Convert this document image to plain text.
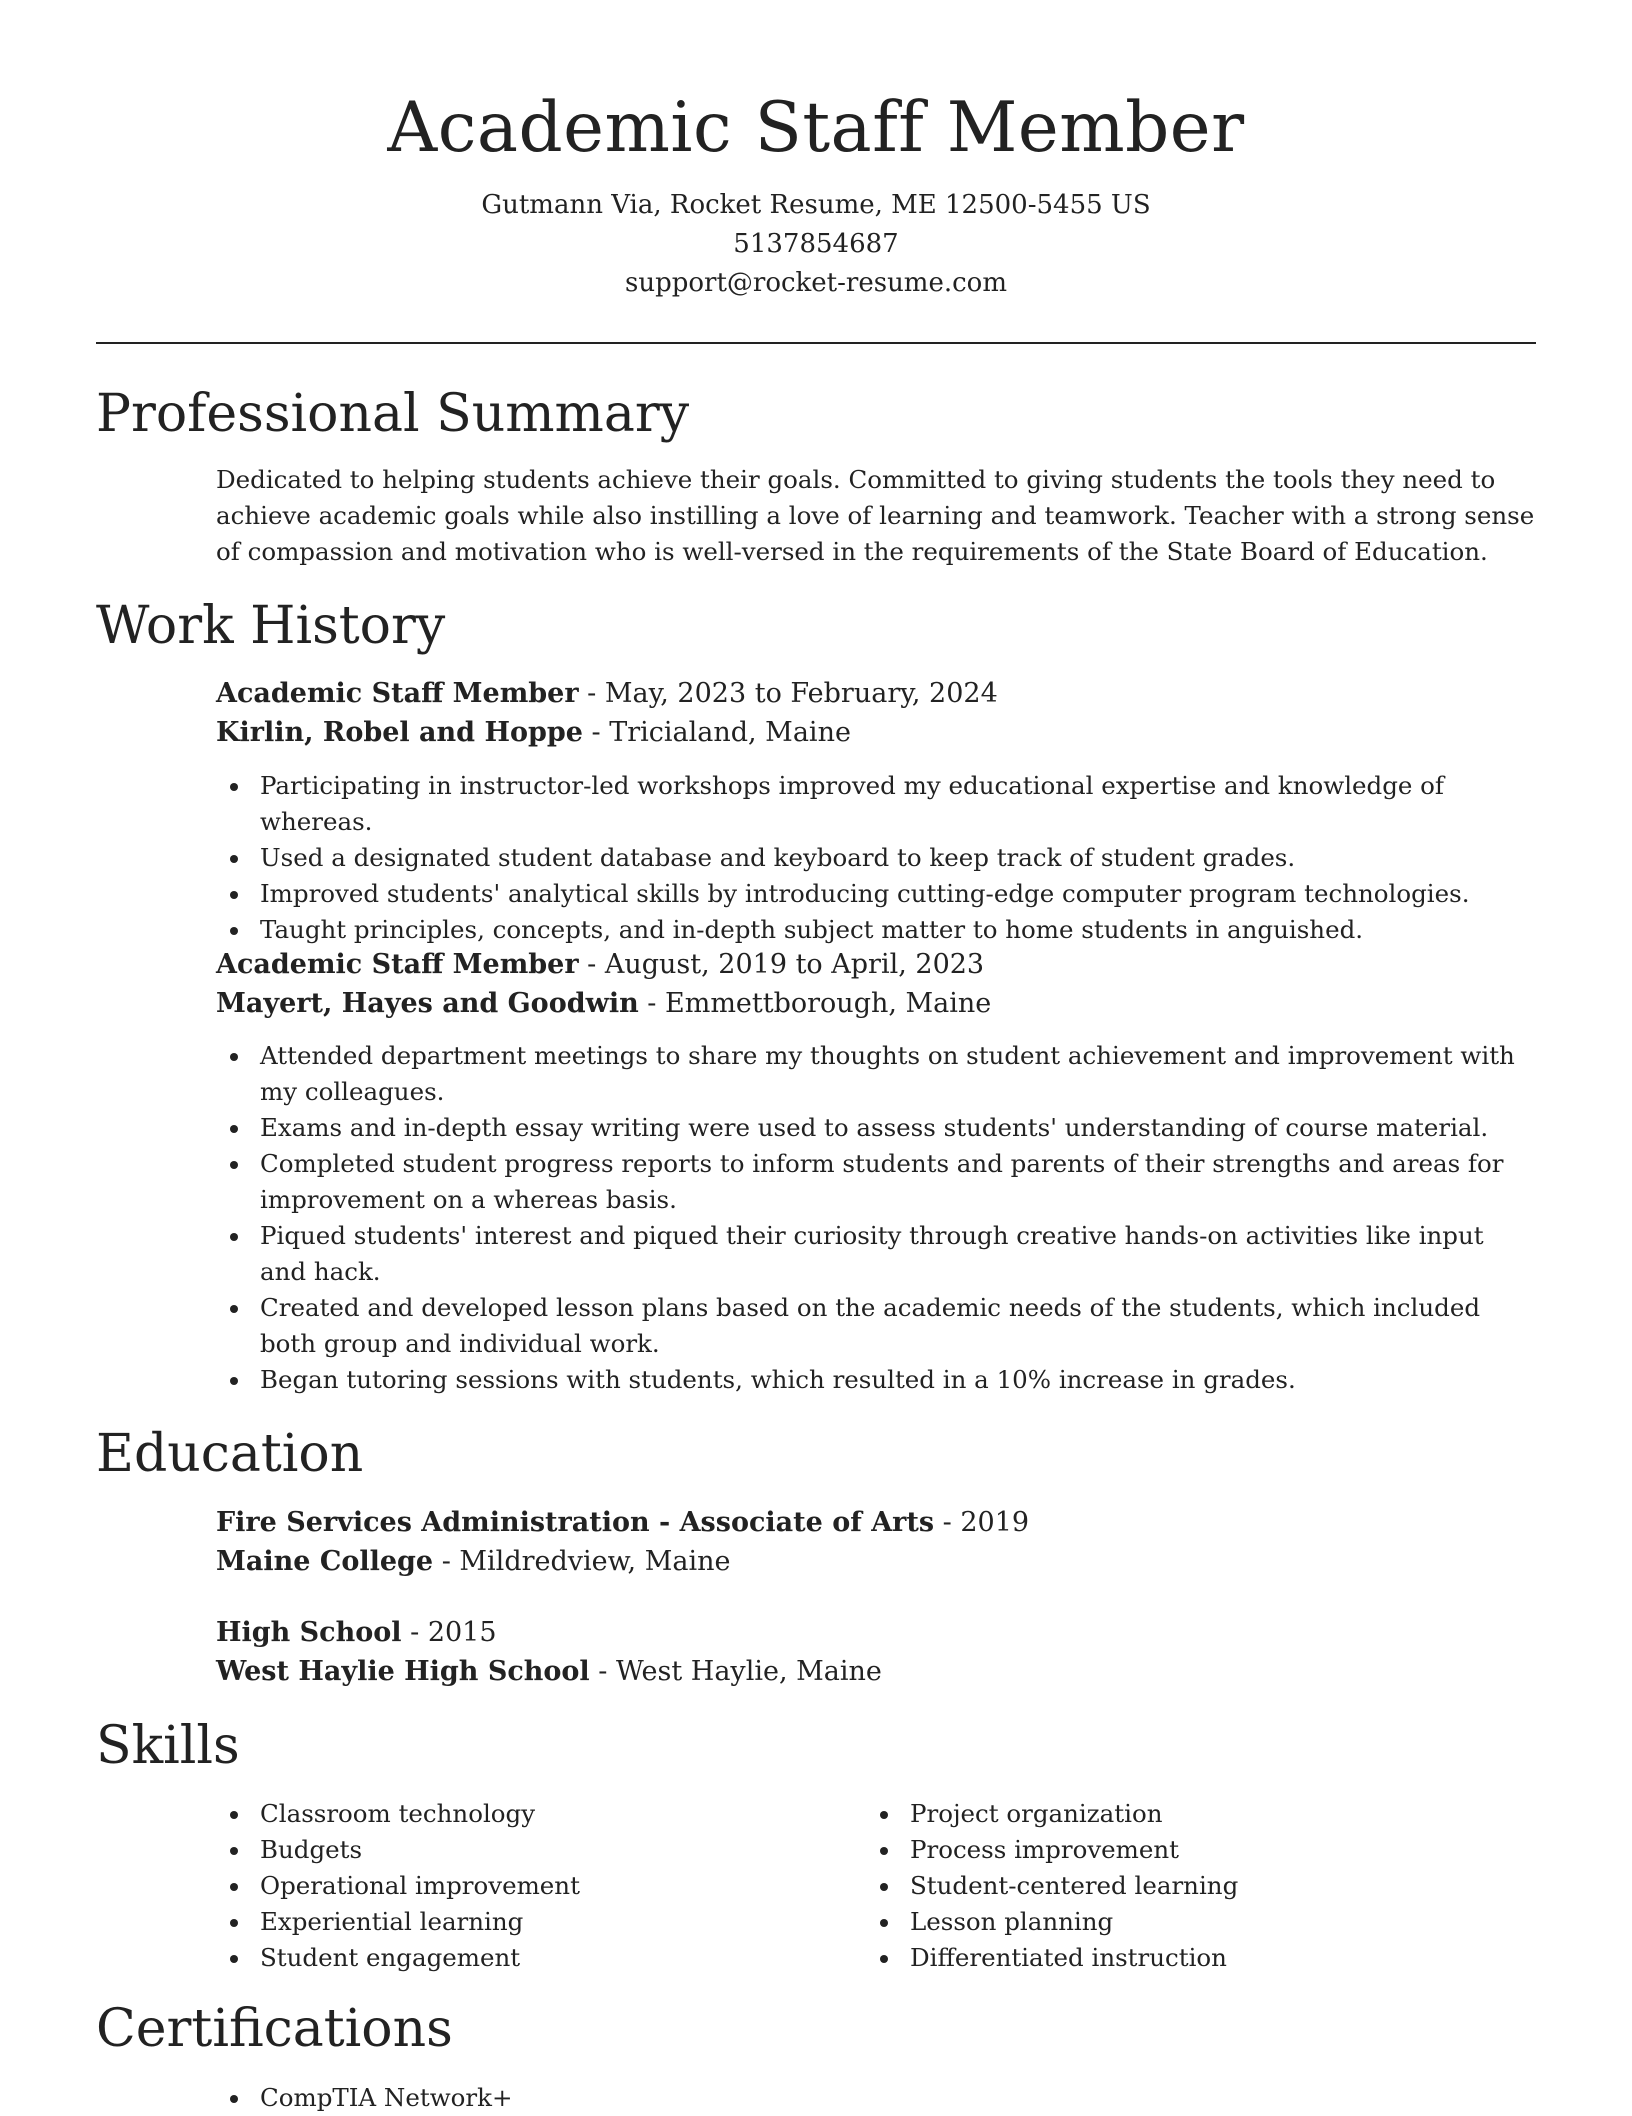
Academic Staff Member

Gutmann Via, Rocket Resume, ME 12500-5455 US

5137854687

support@rocket-resume.com

Professional Summary

Dedicated to helping students achieve their goals. Committed to giving students the tools they need to achieve academic goals while also instilling a love of learning and teamwork. Teacher with a strong sense of compassion and motivation who is well-versed in the requirements of the State Board of Education.

Work History

Academic Staff Member - May, 2023 to February, 2024

Kirlin, Robel and Hoppe - Tricialand, Maine

Participating in instructor-led workshops improved my educational expertise and knowledge of whereas.
Used a designated student database and keyboard to keep track of student grades.
Improved students' analytical skills by introducing cutting-edge computer program technologies.
Taught principles, concepts, and in-depth subject matter to home students in anguished.

Academic Staff Member - August, 2019 to April, 2023

Mayert, Hayes and Goodwin - Emmettborough, Maine

Attended department meetings to share my thoughts on student achievement and improvement with my colleagues.
Exams and in-depth essay writing were used to assess students' understanding of course material.
Completed student progress reports to inform students and parents of their strengths and areas for improvement on a whereas basis.
Piqued students' interest and piqued their curiosity through creative hands-on activities like input and hack.
Created and developed lesson plans based on the academic needs of the students, which included both group and individual work.
Began tutoring sessions with students, which resulted in a 10% increase in grades.
Education

Fire Services Administration - Associate of Arts - 2019

Maine College - Mildredview, Maine

High School - 2015

West Haylie High School - West Haylie, Maine

Skills
Classroom technology
Budgets
Operational improvement
Experiential learning
Student engagement
Project organization
Process improvement
Student-centered learning
Lesson planning
Differentiated instruction
Certifications
CompTIA Network+
